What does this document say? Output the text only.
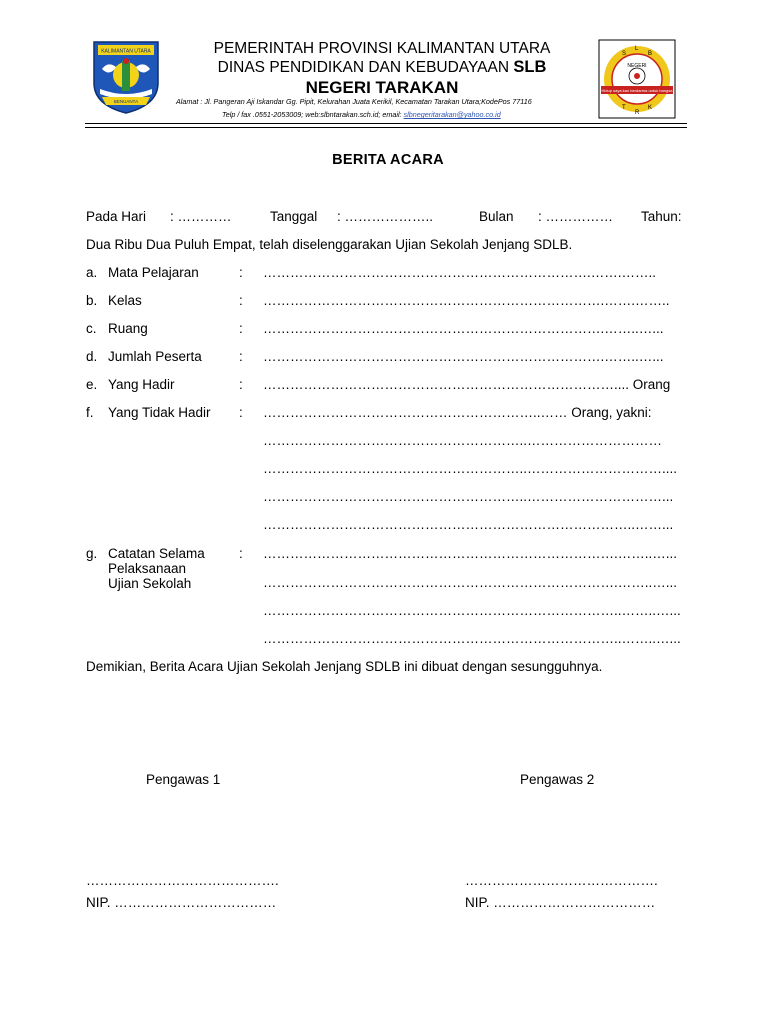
KALIMANTAN UTARA
BENUANTA
NEGERI
S
L
B
T
R
K
Hidup saya kan berdarma untuk bangsa
PEMERINTAH PROVINSI KALIMANTAN UTARA
DINAS PENDIDIKAN DAN KEBUDAYAAN SLB
NEGERI TARAKAN
Alamat : Jl. Pangeran Aji Iskandar Gg. Pipit, Kelurahan Juata Kerikil, Kecamatan Tarakan Utara;KodePos 77116
Telp / fax .0551-2053009; web:slbntarakan.sch.id; email: slbnegeritarakan@yahoo.co.id
BERITA ACARA
Pada Hari : …………	Tanggal : ………………..	Bulan : …………… Tahun:
Dua Ribu Dua Puluh Empat, telah diselenggarakan Ujian Sekolah Jenjang SDLB.
a. Mata Pelajaran	: ……………………………………………………………….…….……..
b. Kelas	: ………………………………………………………………….…….……..
c. Ruang	: ………………………………………………………………….……..…...
d. Jumlah Peserta	: ………………………………………………………………….……..…...
e. Yang Hadir	: …………………………………………………………………….... Orang
f. Yang Tidak Hadir : ……………………………………………………..…… Orang, yakni:
…………………………………………………..…………………………
…………………………………………………..…………………………....
…………………………………………………..…………………………...
………………………………………………………………………..……...
g. Catatan Selama
Pelaksanaan
Ujian Sekolah
: …………………………………………………………………….……..…...
…………………………………………………………………….……..…...
……………………………………………………………………..……..…...
……………………………………………………………………..……..…...
Demikian, Berita Acara Ujian Sekolah Jenjang SDLB ini dibuat dengan sesungguhnya.
Pengawas 1	Pengawas 2
…………………………………….	…………………………………….
NIP. ………………………………	NIP. ………………………………
